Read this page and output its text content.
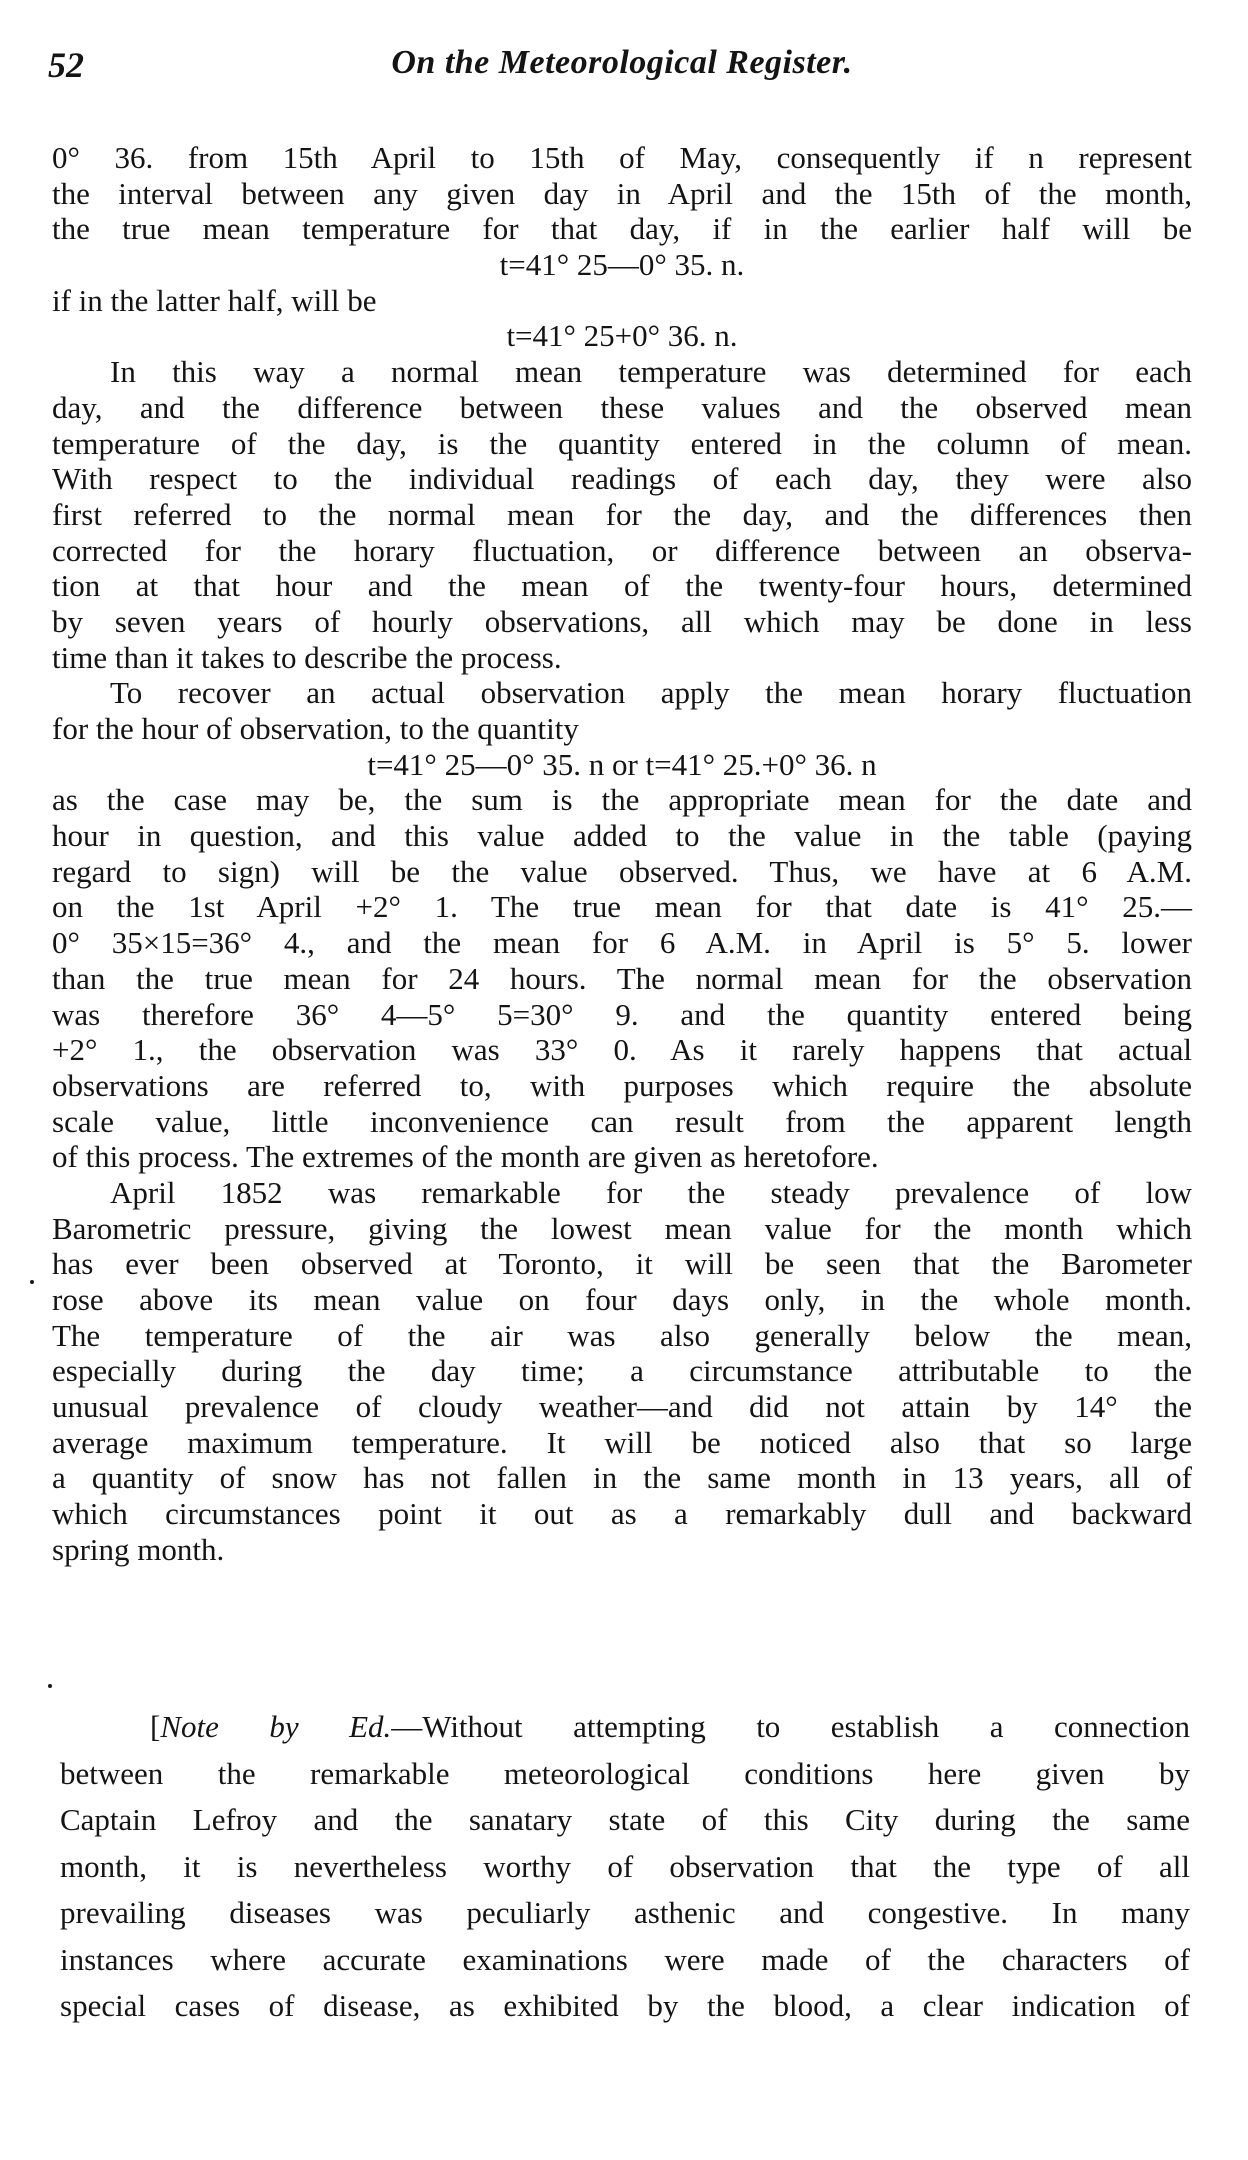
52	On the Meteorological Register.
0° 36. from 15th April to 15th of May, consequently if n represent
the interval between any given day in April and the 15th of the month,
the true mean temperature for that day, if in the earlier half will be
t=41° 25—0° 35. n.
if in the latter half, will be
t=41° 25+0° 36. n.
In this way a normal mean temperature was determined for each
day, and the difference between these values and the observed mean
temperature of the day, is the quantity entered in the column of mean.
With respect to the individual readings of each day, they were also
first referred to the normal mean for the day, and the differences then
corrected for the horary fluctuation, or difference between an observa-
tion at that hour and the mean of the twenty-four hours, determined
by seven years of hourly observations, all which may be done in less
time than it takes to describe the process.
To recover an actual observation apply the mean horary fluctuation
for the hour of observation, to the quantity
t=41° 25—0° 35. n or t=41° 25.+0° 36. n
as the case may be, the sum is the appropriate mean for the date and
hour in question, and this value added to the value in the table (paying
regard to sign) will be the value observed. Thus, we have at 6 A.M.
on the 1st April +2° 1. The true mean for that date is 41° 25.—
0° 35×15=36° 4., and the mean for 6 A.M. in April is 5° 5. lower
than the true mean for 24 hours. The normal mean for the observation
was therefore 36° 4—5° 5=30° 9. and the quantity entered being
+2° 1., the observation was 33° 0. As it rarely happens that actual
observations are referred to, with purposes which require the absolute
scale value, little inconvenience can result from the apparent length
of this process. The extremes of the month are given as heretofore.
April 1852 was remarkable for the steady prevalence of low
Barometric pressure, giving the lowest mean value for the month which
has ever been observed at Toronto, it will be seen that the Barometer
rose above its mean value on four days only, in the whole month.
The temperature of the air was also generally below the mean,
especially during the day time; a circumstance attributable to the
unusual prevalence of cloudy weather—and did not attain by 14° the
average maximum temperature. It will be noticed also that so large
a quantity of snow has not fallen in the same month in 13 years, all of
which circumstances point it out as a remarkably dull and backward
spring month.
[Note by Ed.—Without attempting to establish a connection
between the remarkable meteorological conditions here given by
Captain Lefroy and the sanatary state of this City during the same
month, it is nevertheless worthy of observation that the type of all
prevailing diseases was peculiarly asthenic and congestive. In many
instances where accurate examinations were made of the characters of
special cases of disease, as exhibited by the blood, a clear indication of
